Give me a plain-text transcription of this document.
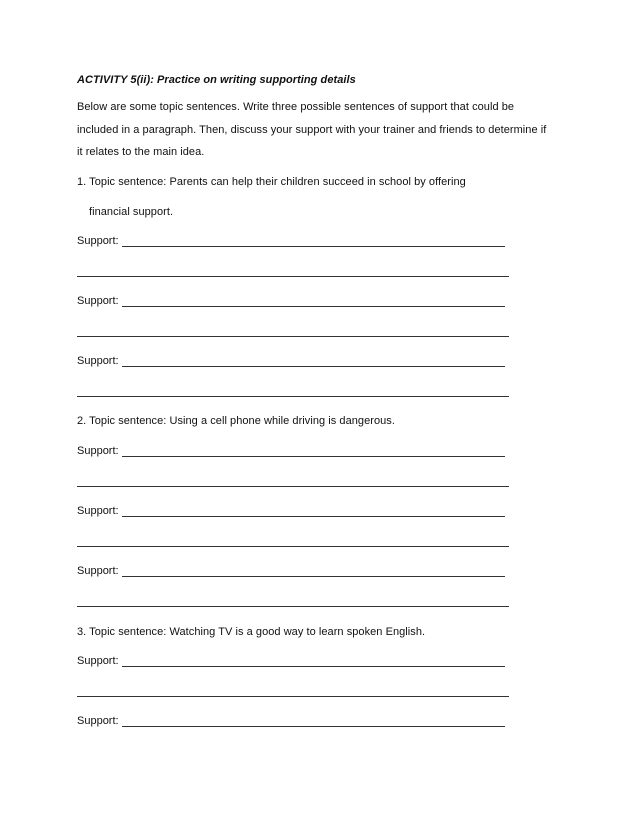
ACTIVITY 5(ii): Practice on writing supporting details
Below are some topic sentences. Write three possible sentences of support that could be
included in a paragraph. Then, discuss your support with your trainer and friends to determine if
it relates to the main idea.
1. Topic sentence: Parents can help their children succeed in school by offering
financial support.
Support:
Support:
Support:
2. Topic sentence: Using a cell phone while driving is dangerous.
Support:
Support:
Support:
3. Topic sentence: Watching TV is a good way to learn spoken English.
Support:
Support:
